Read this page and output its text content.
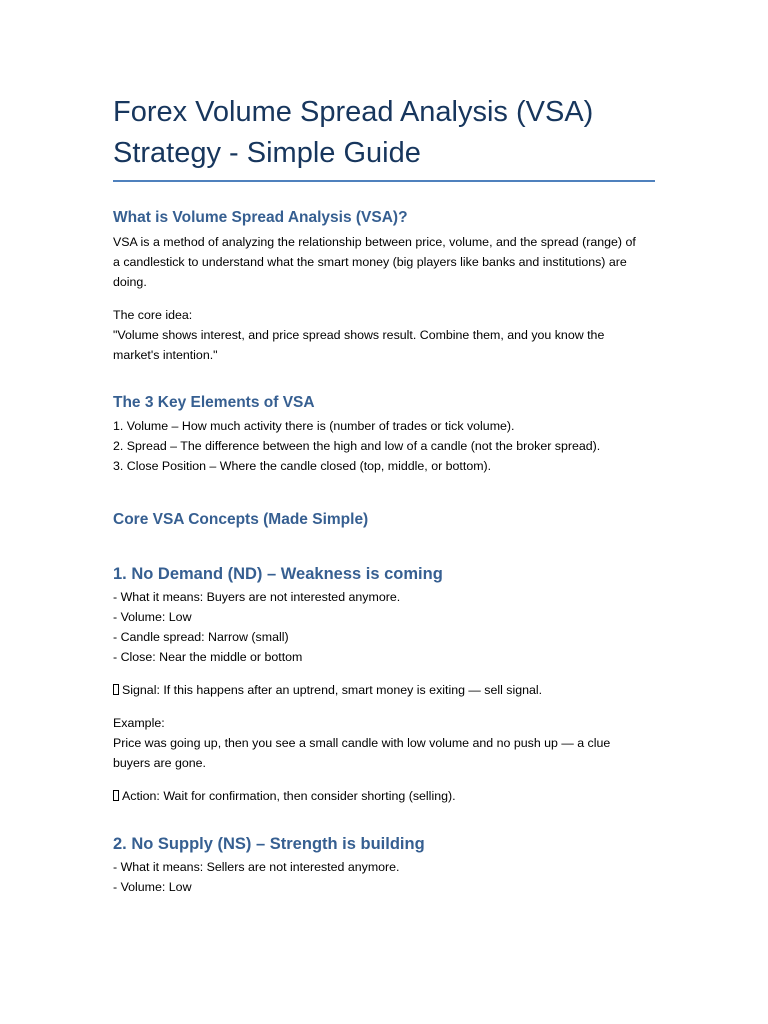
Forex Volume Spread Analysis (VSA)
Strategy - Simple Guide
What is Volume Spread Analysis (VSA)?

VSA is a method of analyzing the relationship between price, volume, and the spread (range) of
a candlestick to understand what the smart money (big players like banks and institutions) are
doing.

The core idea:
"Volume shows interest, and price spread shows result. Combine them, and you know the
market's intention."

The 3 Key Elements of VSA

1. Volume – How much activity there is (number of trades or tick volume).
2. Spread – The difference between the high and low of a candle (not the broker spread).
3. Close Position – Where the candle closed (top, middle, or bottom).

Core VSA Concepts (Made Simple)
1. No Demand (ND) – Weakness is coming

- What it means: Buyers are not interested anymore.
- Volume: Low
- Candle spread: Narrow (small)
- Close: Near the middle or bottom

Signal: If this happens after an uptrend, smart money is exiting — sell signal.

Example:
Price was going up, then you see a small candle with low volume and no push up — a clue
buyers are gone.

Action: Wait for confirmation, then consider shorting (selling).

2. No Supply (NS) – Strength is building

- What it means: Sellers are not interested anymore.
- Volume: Low
